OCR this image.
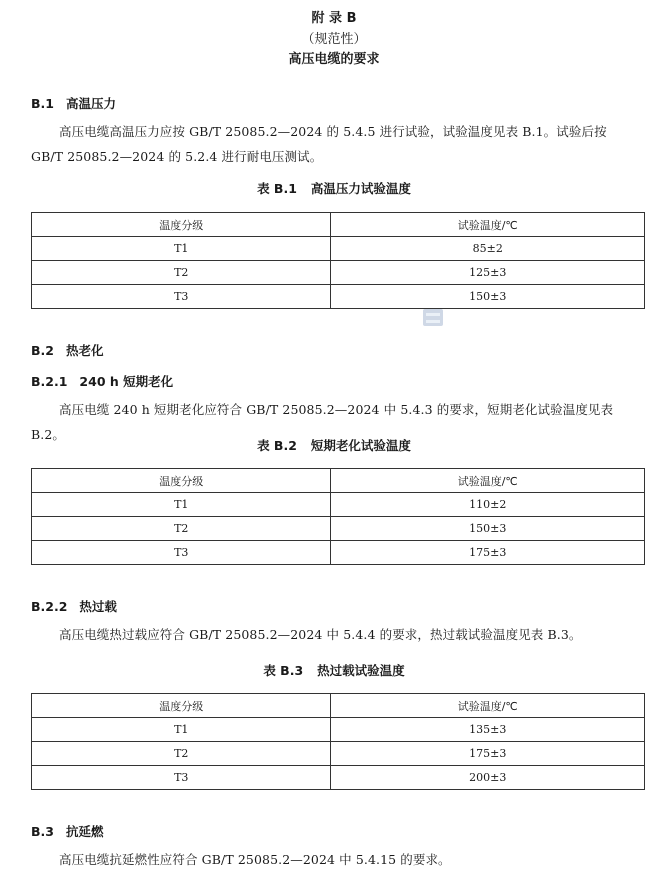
附 录 B
（规范性）
高压电缆的要求
B.1 高温压力
高压电缆高温压力应按 GB/T 25085.2—2024 的 5.4.5 进行试验，试验温度见表 B.1。试验后按
GB/T 25085.2—2024 的 5.2.4 进行耐电压测试。
表 B.1 高温压力试验温度
温度分级	试验温度/℃
T1	85±2
T2	125±3
T3	150±3
B.2 热老化
B.2.1 240 h 短期老化
高压电缆 240 h 短期老化应符合 GB/T 25085.2—2024 中 5.4.3 的要求，短期老化试验温度见表 B.2。
表 B.2 短期老化试验温度
温度分级	试验温度/℃
T1	110±2
T2	150±3
T3	175±3
B.2.2 热过载
高压电缆热过载应符合 GB/T 25085.2—2024 中 5.4.4 的要求，热过载试验温度见表 B.3。
表 B.3 热过载试验温度
温度分级	试验温度/℃
T1	135±3
T2	175±3
T3	200±3
B.3 抗延燃
高压电缆抗延燃性应符合 GB/T 25085.2—2024 中 5.4.15 的要求。
